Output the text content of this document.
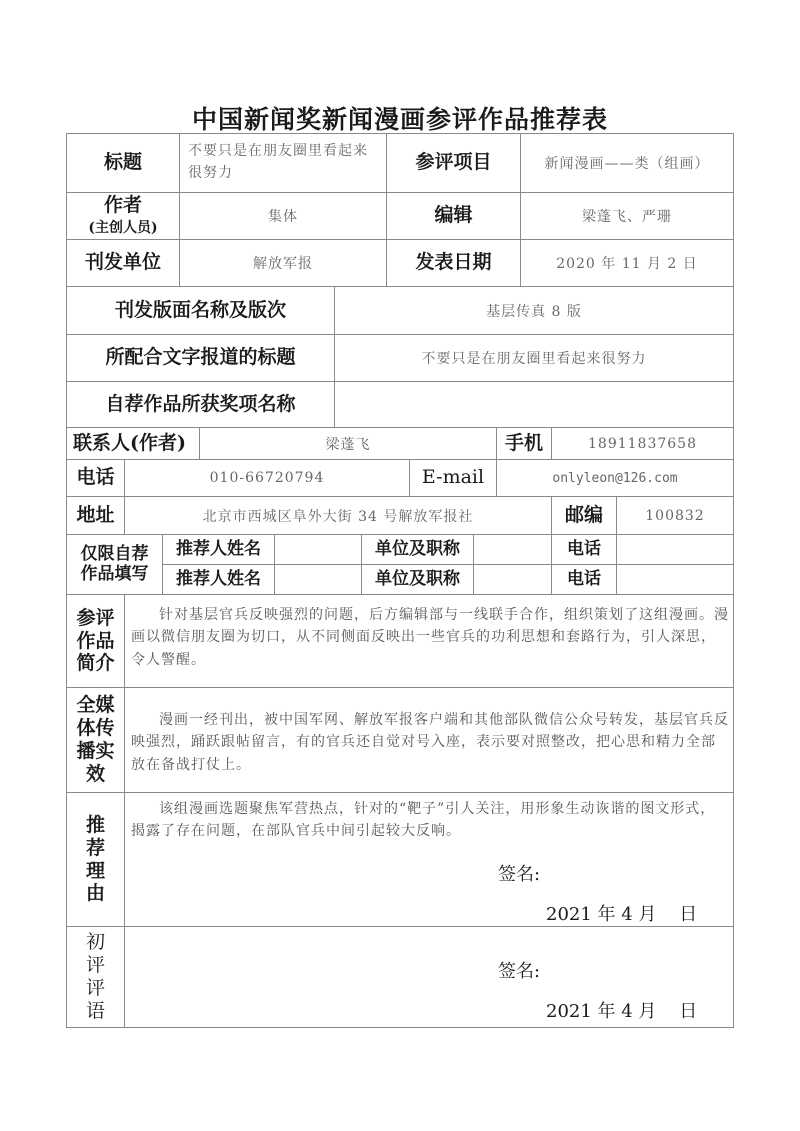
中国新闻奖新闻漫画参评作品推荐表
标题	不要只是在朋友圈里看起来很努力	参评项目	新闻漫画——类（组画）
作者
(主创人员)
集体	编辑	梁蓬飞、严珊
刊发单位	解放军报	发表日期	2020 年 11 月 2 日
刊发版面名称及版次	基层传真 8 版
所配合文字报道的标题	不要只是在朋友圈里看起来很努力
自荐作品所获奖项名称
联系人(作者)	梁蓬飞	手机	18911837658
电话	010-66720794	E-mail	onlyleon@126.com
地址	北京市西城区阜外大街 34 号解放军报社	邮编	100832
仅限自荐作品填写
推荐人姓名	单位及职称	电话
推荐人姓名	单位及职称	电话
参评作品简介
针对基层官兵反映强烈的问题，后方编辑部与一线联手合作，组织策划了这组漫画。漫画以微信朋友圈为切口，从不同侧面反映出一些官兵的功利思想和套路行为，引人深思，令人警醒。
全媒体传播实效
漫画一经刊出，被中国军网、解放军报客户端和其他部队微信公众号转发，基层官兵反映强烈，踊跃跟帖留言，有的官兵还自觉对号入座，表示要对照整改，把心思和精力全部放在备战打仗上。
推荐理由
该组漫画选题聚焦军营热点，针对的“靶子”引人关注，用形象生动诙谐的图文形式，揭露了存在问题，在部队官兵中间引起较大反响。
签名:
2021 年 4 月    日
初评评语
签名:
2021 年 4 月    日
